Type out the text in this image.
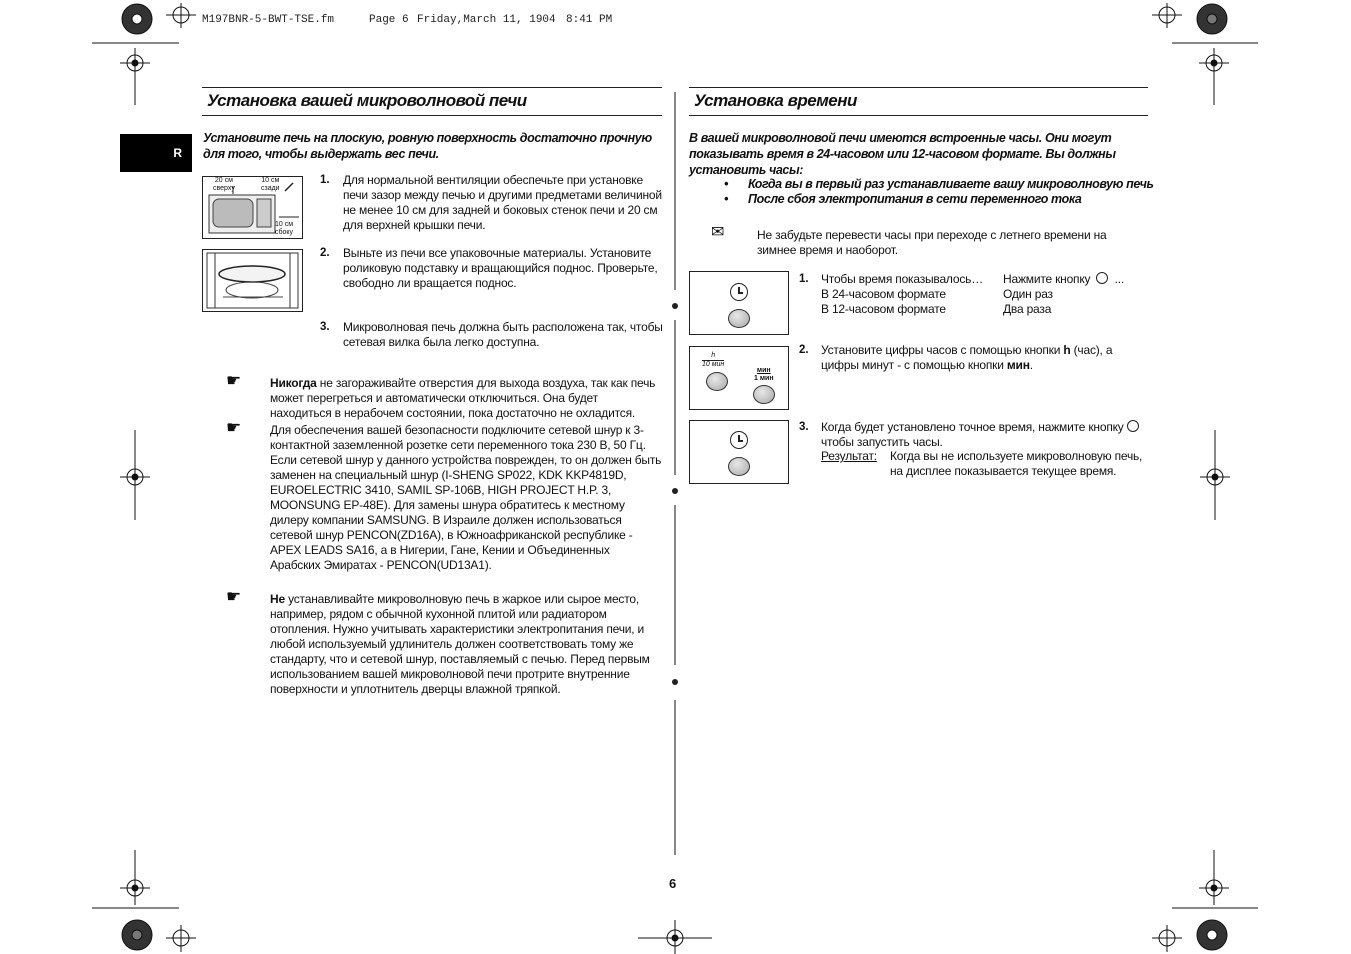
M197BNR-5-BWT-TSE.fm	Page 6 Friday,March 11, 1904 8:41 PM
R
Установка вашей микроволновой печи
Установите печь на плоскую, ровную поверхность достаточно прочную для того, чтобы выдержать вес печи.
20 см
сверху
10 см
сзади
10 см
сбоку
1. Для нормальной вентиляции обеспечьте при установке печи зазор между печью и другими предметами величиной не менее 10 см для задней и боковых стенок печи и 20 см для верхней крышки печи.
2. Выньте из печи все упаковочные материалы. Установите роликовую подставку и вращающийся поднос. Проверьте, свободно ли вращается поднос.
3. Микроволновая печь должна быть расположена так, чтобы сетевая вилка была легко доступна.
☛ Никогда не загораживайте отверстия для выхода воздуха, так как печь может перегреться и автоматически отключиться. Она будет находиться в нерабочем состоянии, пока достаточно не охладится.
☛ Для обеспечения вашей безопасности подключите сетевой шнур к 3-контактной заземленной розетке сети переменного тока 230 В, 50 Гц. Если сетевой шнур у данного устройства поврежден, то он должен быть заменен на специальный шнур (I-SHENG SP022, KDK KKP4819D, EUROELECTRIC 3410, SAMIL SP-106B, HIGH PROJECT H.P. 3, MOONSUNG EP-48E). Для замены шнура обратитесь к местному дилеру компании SAMSUNG. В Израиле должен использоваться сетевой шнур PENCON(ZD16A), в Южноафриканской республике - APEX LEADS SA16, а в Нигерии, Гане, Кении и Объединенных Арабских Эмиратах - PENCON(UD13A1).
☛ Не устанавливайте микроволновую печь в жаркое или сырое место, например, рядом с обычной кухонной плитой или радиатором отопления. Нужно учитывать характеристики электропитания печи, и любой используемый удлинитель должен соответствовать тому же стандарту, что и сетевой шнур, поставляемый с печью. Перед первым использованием вашей микроволновой печи протрите внутренние поверхности и уплотнитель дверцы влажной тряпкой.
Установка времени
В вашей микроволновой печи имеются встроенные часы. Они могут показывать время в 24-часовом или 12-часовом формате. Вы должны установить часы:
• Когда вы в первый раз устанавливаете вашу микроволновую печь
• После сбоя электропитания в сети переменного тока
✉	Не забудьте перевести часы при переходе с летнего времени на зимнее время и наоборот.
1. Чтобы время показывалось…
В 24-часовом формате
В 12-часовом формате
Нажмите кнопку ...
Один раз
Два раза
h
10 мин
мин
1 мин
2. Установите цифры часов с помощью кнопки h (час), а цифры минут - с помощью кнопки мин.
3. Когда будет установлено точное время, нажмите кнопку
чтобы запустить часы.
Результат: Когда вы не используете микроволновую печь, на дисплее показывается текущее время.
6
